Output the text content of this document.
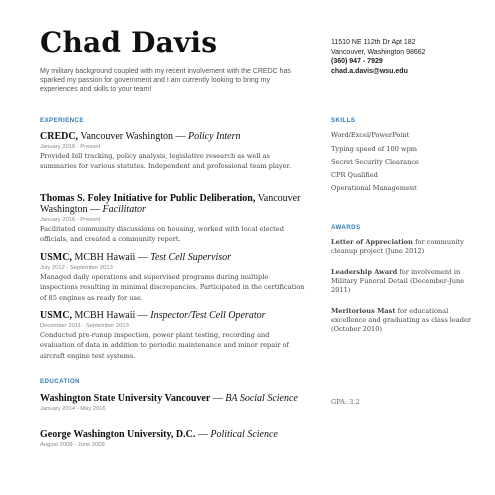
Chad Davis	11510 NE 112th Dr Apt 182
Vancouver, Washington 98662
(360) 947 - 7929
chad.a.davis@wsu.edu
My military background coupled with my recent involvement with the CREDC has sparked my passion for government and I am currently looking to bring my experiences and skills to your team!
EXPERIENCE	SKILLS
AWARDS
EDUCATION
CREDC, Vancouver Washington — Policy Intern
January 2016 - Present
Provided bill tracking, policy analysis, legislative research as well as summaries for various statutes. Independent and professional team player.
Thomas S. Foley Initiative for Public Deliberation, Vancouver Washington — Facilitator
January 2016 - Present
Facilitated community discussions on housing, worked with local elected officials, and created a community report.
USMC, MCBH Hawaii — Test Cell Supervisor
July 2012 - September 2013
Managed daily operations and supervised programs during multiple inspections resulting in minimal discrepancies. Participated in the certification of 85 engines as ready for use.
USMC, MCBH Hawaii — Inspector/Test Cell Operator
December 2011 - September 2013
Conducted pre-runup inspection, power plant testing, recording and evaluation of data in addition to periodic maintenance and minor repair of aircraft engine test systems.
Word/Excel/PowerPoint
Typing speed of 100 wpm
Secret Security Clearance
CPR Qualified
Operational Management
Letter of Appreciation for community cleanup project (June 2012)
Leadership Award for involvement in Military Funeral Detail (December-June 2011)
Meritorious Mast for educational excellence and graduating as class leader (October 2010)
Washington State University Vancouver — BA Social Science
January 2014 - May 2016
George Washington University, D.C. — Political Science
August 2008 - June 2009
GPA: 3.2
